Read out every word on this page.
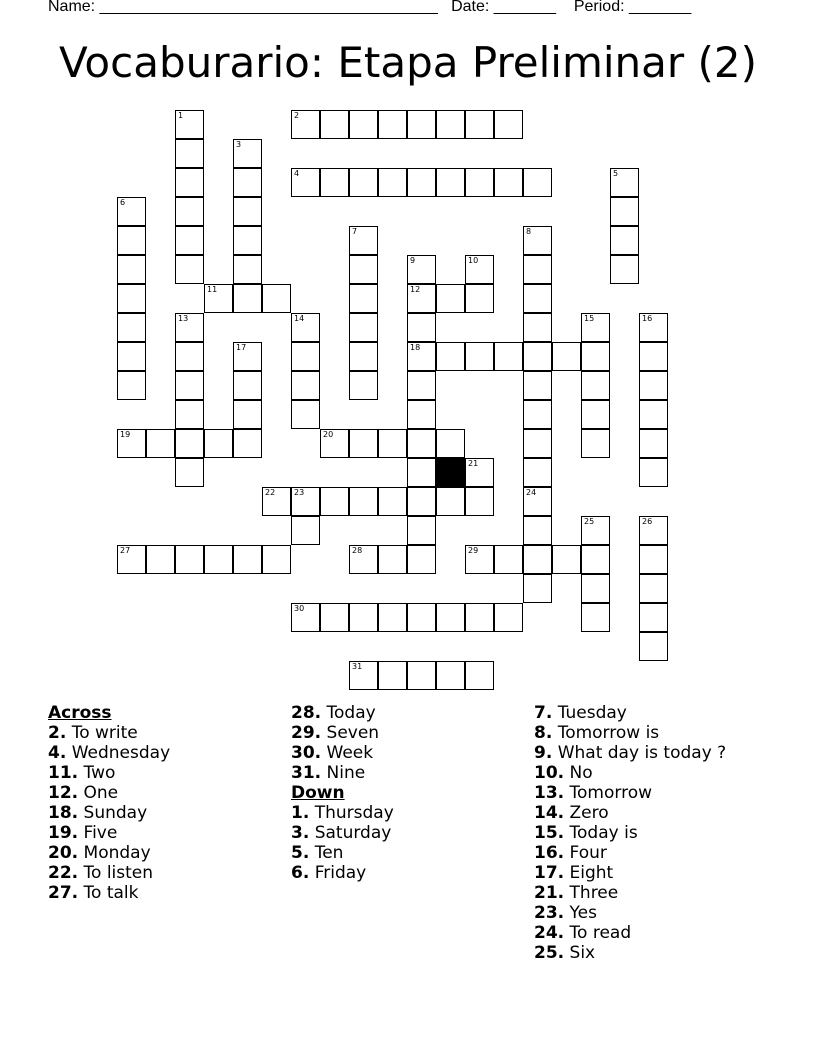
Name: ______________________________________ Date: _______ Period: _______
Vocaburario: Etapa Preliminar (2)
1	2
3
4	5
6
7	8
9
12
18
10
11
13	14	15	16
17
19	20
21
22 23	24
25	26
27	28	29
30
31
Across
2. To write
4. Wednesday
11. Two
12. One
18. Sunday
19. Five
20. Monday
22. To listen
27. To talk
28. Today
29. Seven
30. Week
31. Nine
Down
1. Thursday
3. Saturday
5. Ten
6. Friday
7. Tuesday
8. Tomorrow is
9. What day is today ?
10. No
13. Tomorrow
14. Zero
15. Today is
16. Four
17. Eight
21. Three
23. Yes
24. To read
25. Six
